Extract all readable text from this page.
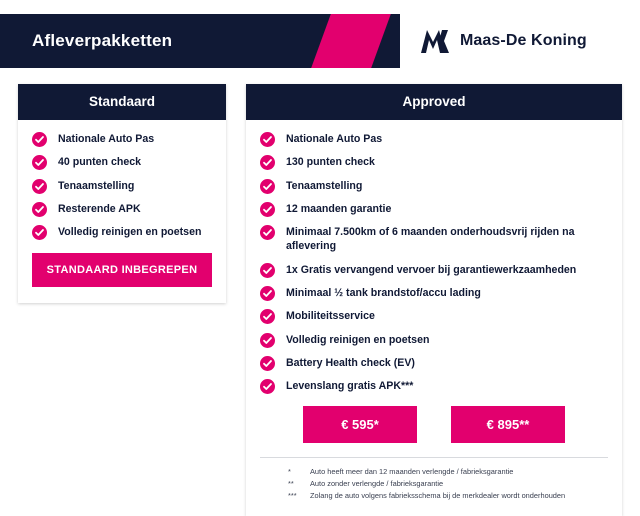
Afleverpakketten	Maas-De Koning
Standaard
Nationale Auto Pas
40 punten check
Tenaamstelling
Resterende APK
Volledig reinigen en poetsen
STANDAARD INBEGREPEN
Approved
Nationale Auto Pas
130 punten check
Tenaamstelling
12 maanden garantie
Minimaal 7.500km of 6 maanden onderhoudsvrij rijden na aflevering
1x Gratis vervangend vervoer bij garantiewerkzaamheden
Minimaal ½ tank brandstof/accu lading
Mobiliteitsservice
Volledig reinigen en poetsen
Battery Health check (EV)
Levenslang gratis APK***
€ 595*	€ 895**
*	Auto heeft meer dan 12 maanden verlengde / fabrieksgarantie
**	Auto zonder verlengde / fabrieksgarantie
***	Zolang de auto volgens fabrieksschema bij de merkdealer wordt onderhouden
